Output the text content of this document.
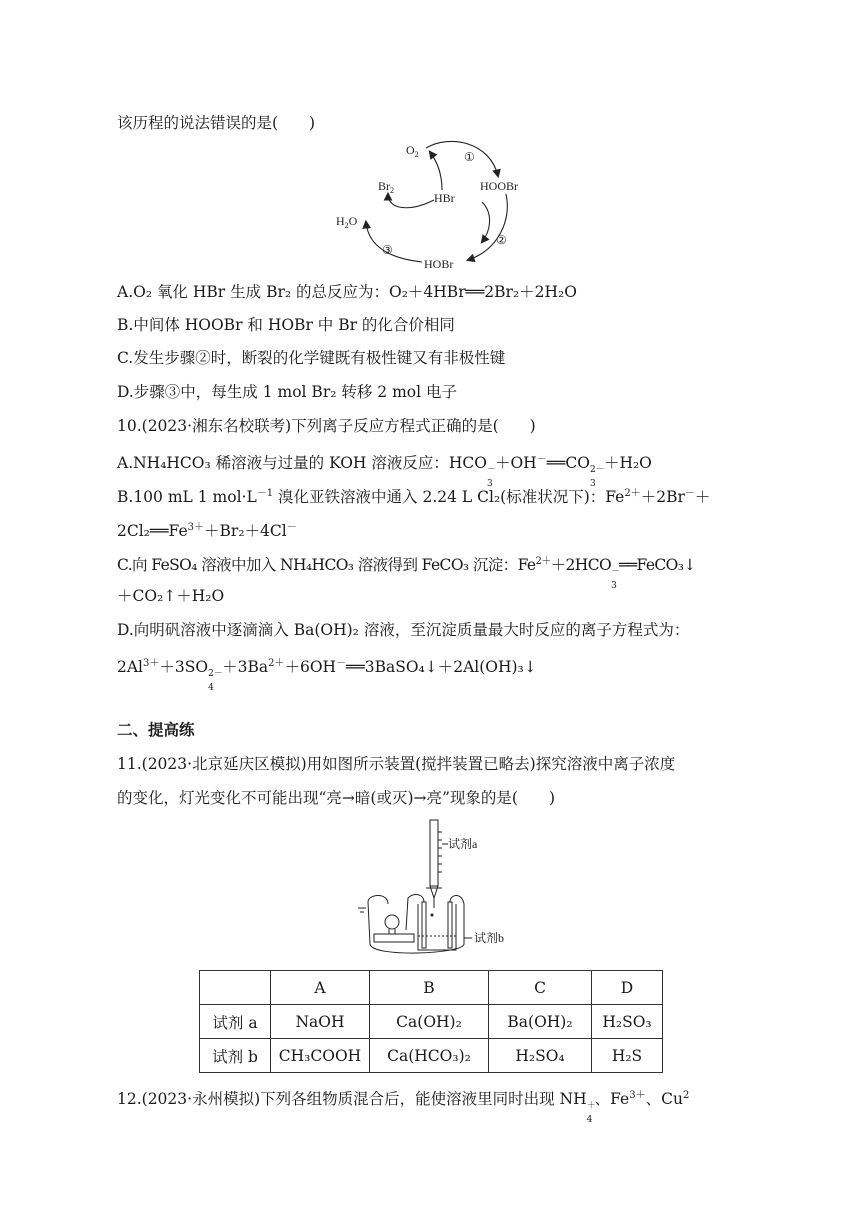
该历程的说法错误的是(　　)
$O_2$
$Br_2$
HBr
HOOBr
$H_2O$
HOBr
①
②
③
A.O₂ 氧化 HBr 生成 Br₂ 的总反应为：O₂＋4HBr══2Br₂＋2H₂O
B.中间体 HOOBr 和 HOBr 中 Br 的化合价相同
C.发生步骤②时，断裂的化学键既有极性键又有非极性键
D.步骤③中，每生成 1 mol Br₂ 转移 2 mol 电子
10.(2023·湘东名校联考)下列离子反应方程式正确的是(　　)
A.NH₄HCO₃ 稀溶液与过量的 KOH 溶液反应：HCO －
3
＋OH－══CO 2－
3
＋H₂O
B.100 mL 1 $mol\cdot L^{-1}$ 溴化亚铁溶液中通入 2.24 L Cl₂(标准状况下)：$Fe^{2+}+2Br^-+$
$2Cl_2══Fe^{3+}+Br_2+4Cl^-$
C.向 FeSO₄ 溶液中加入 NH₄HCO₃ 溶液得到 FeCO₃ 沉淀：$Fe^{2+}+2HCO$ －
3
══FeCO₃↓
＋CO₂↑＋H₂O
D.向明矾溶液中逐滴滴入 Ba(OH)₂ 溶液，至沉淀质量最大时反应的离子方程式为：
$2Al^{3+}+3SO$ 2－
4
$+3Ba^{2+}+6OH^-══3BaSO_4↓+2Al(OH)_3↓$
二、提高练
11.(2023·北京延庆区模拟)用如图所示装置(搅拌装置已略去)探究溶液中离子浓度
的变化，灯光变化不可能出现“亮→暗(或灭)→亮”现象的是(　　)
试剂a
试剂b
	A	B	C	D
试剂 a	NaOH	Ca(OH)₂	Ba(OH)₂	H₂SO₃
试剂 b	CH₃COOH	Ca(HCO₃)₂	H₂SO₄	H₂S
12.(2023·永州模拟)下列各组物质混合后，能使溶液里同时出现 NH ＋
4
、$Fe^{3+}$、Cu$^2$
